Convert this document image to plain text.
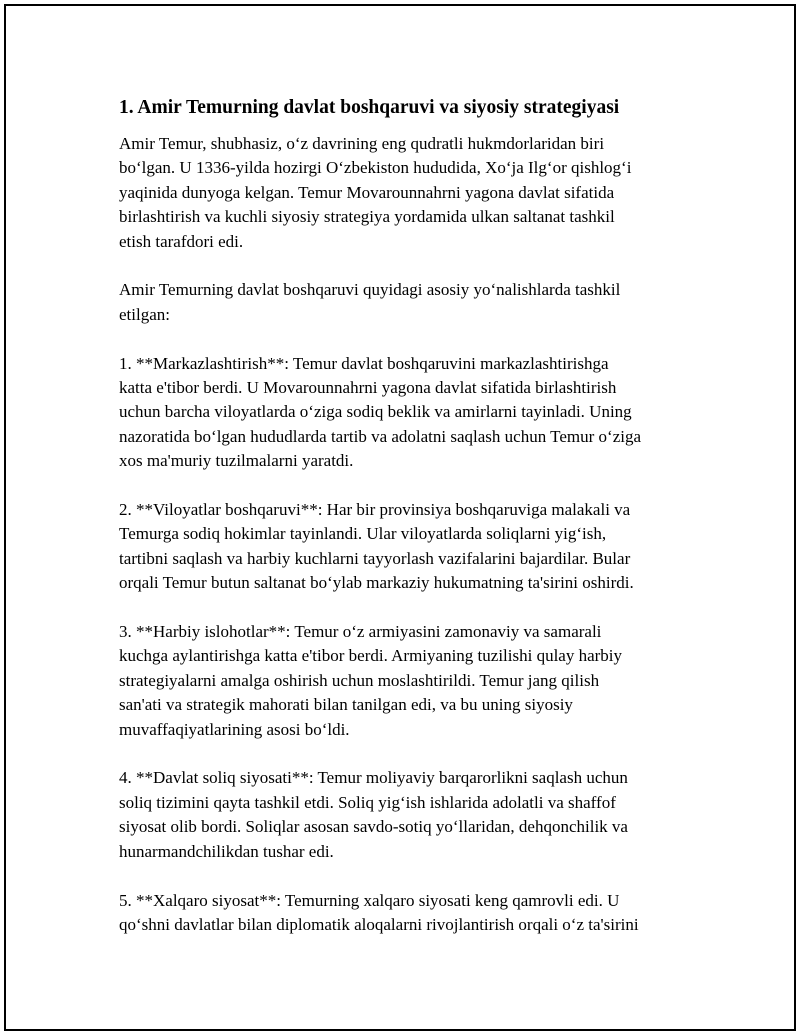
1. Amir Temurning davlat boshqaruvi va siyosiy strategiyasi

Amir Temur, shubhasiz, o‘z davrining eng qudratli hukmdorlaridan biri
bo‘lgan. U 1336-yilda hozirgi O‘zbekiston hududida, Xo‘ja Ilg‘or qishlog‘i
yaqinida dunyoga kelgan. Temur Movarounnahrni yagona davlat sifatida
birlashtirish va kuchli siyosiy strategiya yordamida ulkan saltanat tashkil
etish tarafdori edi.

Amir Temurning davlat boshqaruvi quyidagi asosiy yo‘nalishlarda tashkil
etilgan:

1. **Markazlashtirish**: Temur davlat boshqaruvini markazlashtirishga
katta e'tibor berdi. U Movarounnahrni yagona davlat sifatida birlashtirish
uchun barcha viloyatlarda o‘ziga sodiq beklik va amirlarni tayinladi. Uning
nazoratida bo‘lgan hududlarda tartib va adolatni saqlash uchun Temur o‘ziga
xos ma'muriy tuzilmalarni yaratdi.

2. **Viloyatlar boshqaruvi**: Har bir provinsiya boshqaruviga malakali va
Temurga sodiq hokimlar tayinlandi. Ular viloyatlarda soliqlarni yig‘ish,
tartibni saqlash va harbiy kuchlarni tayyorlash vazifalarini bajardilar. Bular
orqali Temur butun saltanat bo‘ylab markaziy hukumatning ta'sirini oshirdi.

3. **Harbiy islohotlar**: Temur o‘z armiyasini zamonaviy va samarali
kuchga aylantirishga katta e'tibor berdi. Armiyaning tuzilishi qulay harbiy
strategiyalarni amalga oshirish uchun moslashtirildi. Temur jang qilish
san'ati va strategik mahorati bilan tanilgan edi, va bu uning siyosiy
muvaffaqiyatlarining asosi bo‘ldi.

4. **Davlat soliq siyosati**: Temur moliyaviy barqarorlikni saqlash uchun
soliq tizimini qayta tashkil etdi. Soliq yig‘ish ishlarida adolatli va shaffof
siyosat olib bordi. Soliqlar asosan savdo-sotiq yo‘llaridan, dehqonchilik va
hunarmandchilikdan tushar edi.

5. **Xalqaro siyosat**: Temurning xalqaro siyosati keng qamrovli edi. U
qo‘shni davlatlar bilan diplomatik aloqalarni rivojlantirish orqali o‘z ta'sirini
